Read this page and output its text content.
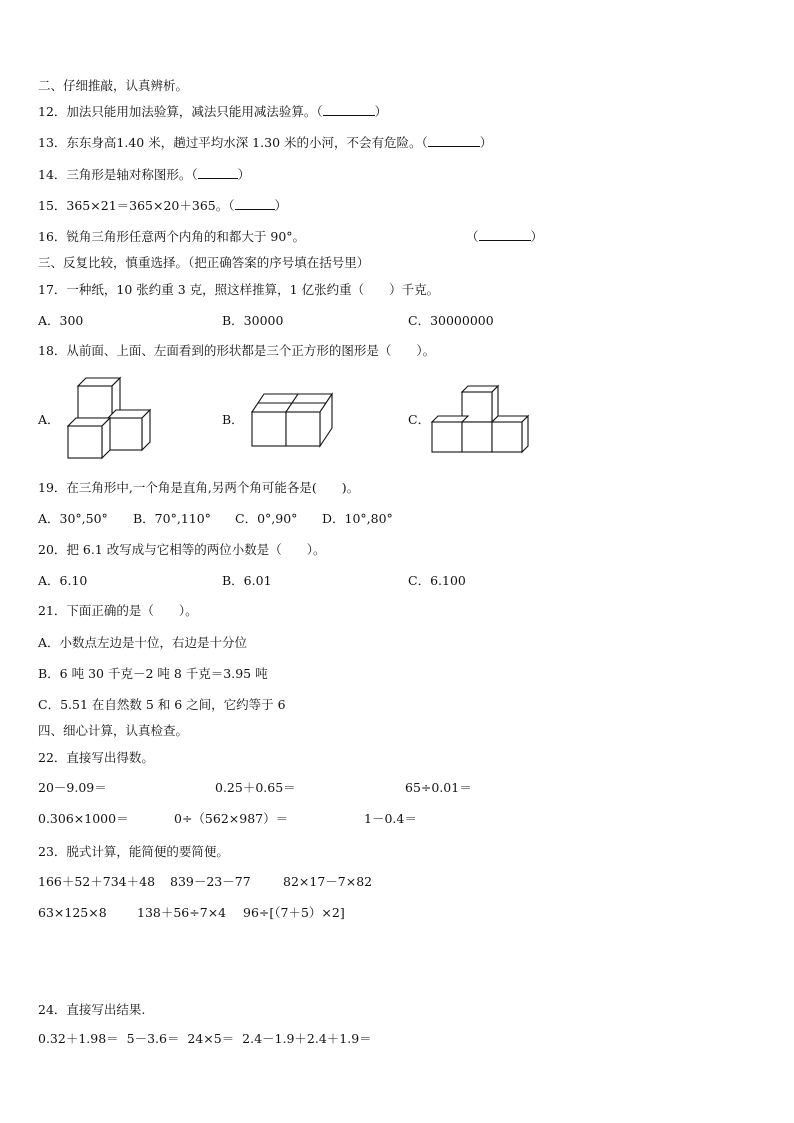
二、仔细推敲，认真辨析。
12．加法只能用加法验算，减法只能用减法验算。（	）
13．东东身高1.40 米，趟过平均水深 1.30 米的小河，不会有危险。（	）
14．三角形是轴对称图形。（	）
15．365×21＝365×20＋365。（	）
16．锐角三角形任意两个内角的和都大于 90°。	（	）
三、反复比较，慎重选择。（把正确答案的序号填在括号里）
17．一种纸，10 张约重 3 克，照这样推算，1 亿张约重（　　）千克。
A．300	B．30000	C．30000000
18．从前面、上面、左面看到的形状都是三个正方形的图形是（　　）。
A．	B．	C．
19．在三角形中,一个角是直角,另两个角可能各是(　　)。
A．30°,50° B．70°,110° C．0°,90° D．10°,80°
20．把 6.1 改写成与它相等的两位小数是（　　）。
A．6.10	B．6.01	C．6.100
21．下面正确的是（　　）。
A．小数点左边是十位，右边是十分位
B．6 吨 30 千克－2 吨 8 千克＝3.95 吨
C．5.51 在自然数 5 和 6 之间，它约等于 6
四、细心计算，认真检查。
22．直接写出得数。
20－9.09＝	0.25＋0.65＝	65÷0.01＝
0.306×1000＝	0÷（562×987）＝	1－0.4＝
23．脱式计算，能简便的要简便。
166＋52＋734＋48 839－23－77	82×17－7×82
63×125×8 138＋56÷7×4 96÷[（7＋5）×2]
24．直接写出结果.
0.32＋1.98＝  5－3.6＝  24×5＝  2.4－1.9＋2.4＋1.9＝
